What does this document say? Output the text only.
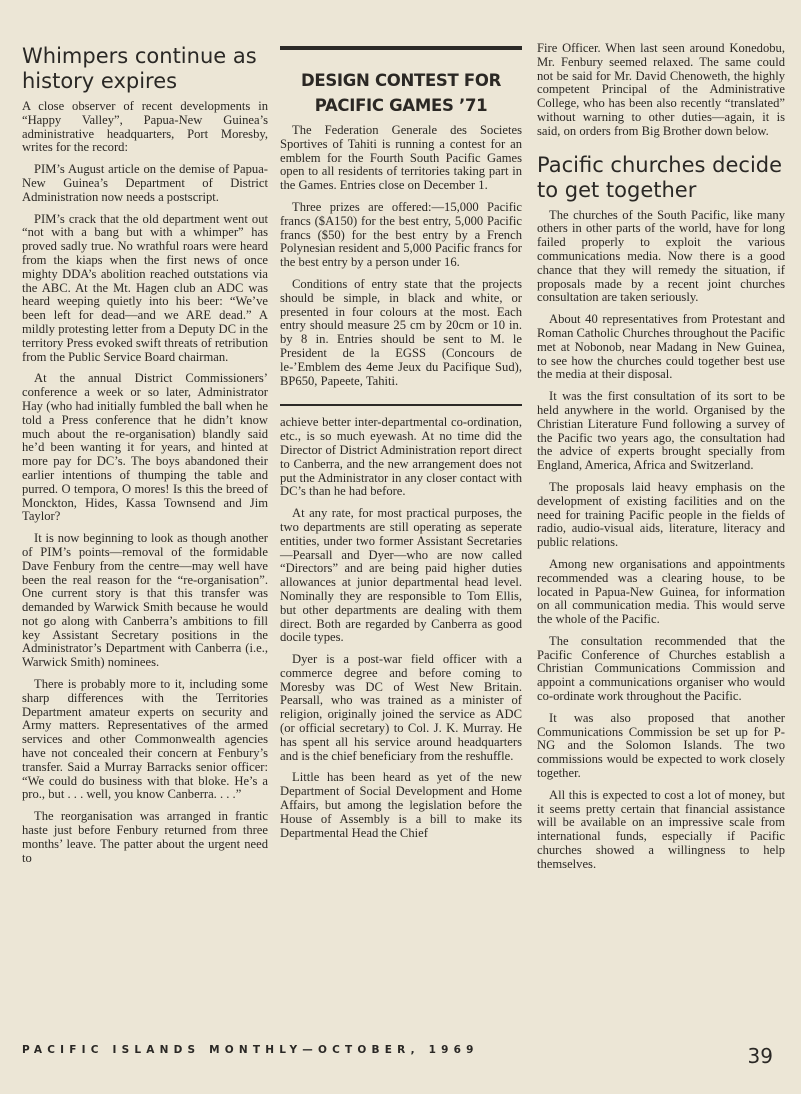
Whimpers continue as history expires

A close observer of recent developments in “Happy Valley”, Papua-New Guinea’s administrative headquarters, Port Moresby, writes for the record:

PIM’s August article on the demise of Papua-New Guinea’s Department of District Administration now needs a postscript.

PIM’s crack that the old department went out “not with a bang but with a whimper” has proved sadly true. No wrathful roars were heard from the kiaps when the first news of once mighty DDA’s abolition reached outstations via the ABC. At the Mt. Hagen club an ADC was heard weeping quietly into his beer: “We’ve been left for dead—and we ARE dead.” A mildly protesting letter from a Deputy DC in the territory Press evoked swift threats of retribution from the Public Service Board chairman.

At the annual District Commissioners’ conference a week or so later, Administrator Hay (who had initially fumbled the ball when he told a Press conference that he didn’t know much about the re-organisation) blandly said he’d been wanting it for years, and hinted at more pay for DC’s. The boys abandoned their earlier intentions of thumping the table and purred. O tempora, O mores! Is this the breed of Monckton, Hides, Kassa Townsend and Jim Taylor?

It is now beginning to look as though another of PIM’s points—removal of the formidable Dave Fenbury from the centre—may well have been the real reason for the “re-organisation”. One current story is that this transfer was demanded by Warwick Smith because he would not go along with Canberra’s ambitions to fill key Assistant Secretary positions in the Administrator’s Department with Canberra (i.e., Warwick Smith) nominees.

There is probably more to it, including some sharp differences with the Territories Department amateur experts on security and Army matters. Representatives of the armed services and other Commonwealth agencies have not concealed their concern at Fenbury’s transfer. Said a Murray Barracks senior officer: “We could do business with that bloke. He’s a pro., but . . . well, you know Canberra. . . .”

The reorganisation was arranged in frantic haste just before Fenbury returned from three months’ leave. The patter about the urgent need to

DESIGN CONTEST FOR PACIFIC GAMES ’71

The Federation Generale des Societes Sportives of Tahiti is running a contest for an emblem for the Fourth South Pacific Games open to all residents of territories taking part in the Games. Entries close on December 1.

Three prizes are offered:—15,000 Pacific francs ($A150) for the best entry, 5,000 Pacific francs ($50) for the best entry by a French Polynesian resident and 5,000 Pacific francs for the best entry by a person under 16.

Conditions of entry state that the projects should be simple, in black and white, or presented in four colours at the most. Each entry should measure 25 cm by 20cm or 10 in. by 8 in. Entries should be sent to M. le President de la EGSS (Concours de le-’Emblem des 4eme Jeux du Pacifique Sud), BP650, Papeete, Tahiti.

achieve better inter-departmental co-ordination, etc., is so much eyewash. At no time did the Director of District Administration report direct to Canberra, and the new arrangement does not put the Administrator in any closer contact with DC’s than he had before.

At any rate, for most practical purposes, the two departments are still operating as seperate entities, under two former Assistant Secretaries—Pearsall and Dyer—who are now called “Directors” and are being paid higher duties allowances at junior departmental head level. Nominally they are responsible to Tom Ellis, but other departments are dealing with them direct. Both are regarded by Canberra as good docile types.

Dyer is a post-war field officer with a commerce degree and before coming to Moresby was DC of West New Britain. Pearsall, who was trained as a minister of religion, originally joined the service as ADC (or official secretary) to Col. J. K. Murray. He has spent all his service around headquarters and is the chief beneficiary from the reshuffle.

Little has been heard as yet of the new Department of Social Development and Home Affairs, but among the legislation before the House of Assembly is a bill to make its Departmental Head the Chief

Fire Officer. When last seen around Konedobu, Mr. Fenbury seemed relaxed. The same could not be said for Mr. David Chenoweth, the highly competent Principal of the Administrative College, who has been also recently “translated” without warning to other duties—again, it is said, on orders from Big Brother down below.

Pacific churches decide to get together

The churches of the South Pacific, like many others in other parts of the world, have for long failed properly to exploit the various communications media. Now there is a good chance that they will remedy the situation, if proposals made by a recent joint churches consultation are taken seriously.

About 40 representatives from Protestant and Roman Catholic Churches throughout the Pacific met at Nobonob, near Madang in New Guinea, to see how the churches could together best use the media at their disposal.

It was the first consultation of its sort to be held anywhere in the world. Organised by the Christian Literature Fund following a survey of the Pacific two years ago, the consultation had the advice of experts brought specially from England, America, Africa and Switzerland.

The proposals laid heavy emphasis on the development of existing facilities and on the need for training Pacific people in the fields of radio, audio-visual aids, literature, literacy and public relations.

Among new organisations and appointments recommended was a clearing house, to be located in Papua-New Guinea, for information on all communication media. This would serve the whole of the Pacific.

The consultation recommended that the Pacific Conference of Churches establish a Christian Communications Commission and appoint a communications organiser who would co-ordinate work throughout the Pacific.

It was also proposed that another Communications Commission be set up for P-NG and the Solomon Islands. The two commissions would be expected to work closely together.

All this is expected to cost a lot of money, but it seems pretty certain that financial assistance will be available on an impressive scale from international funds, especially if Pacific churches showed a willingness to help themselves.

PACIFIC ISLANDS MONTHLY—OCTOBER, 1969	39
